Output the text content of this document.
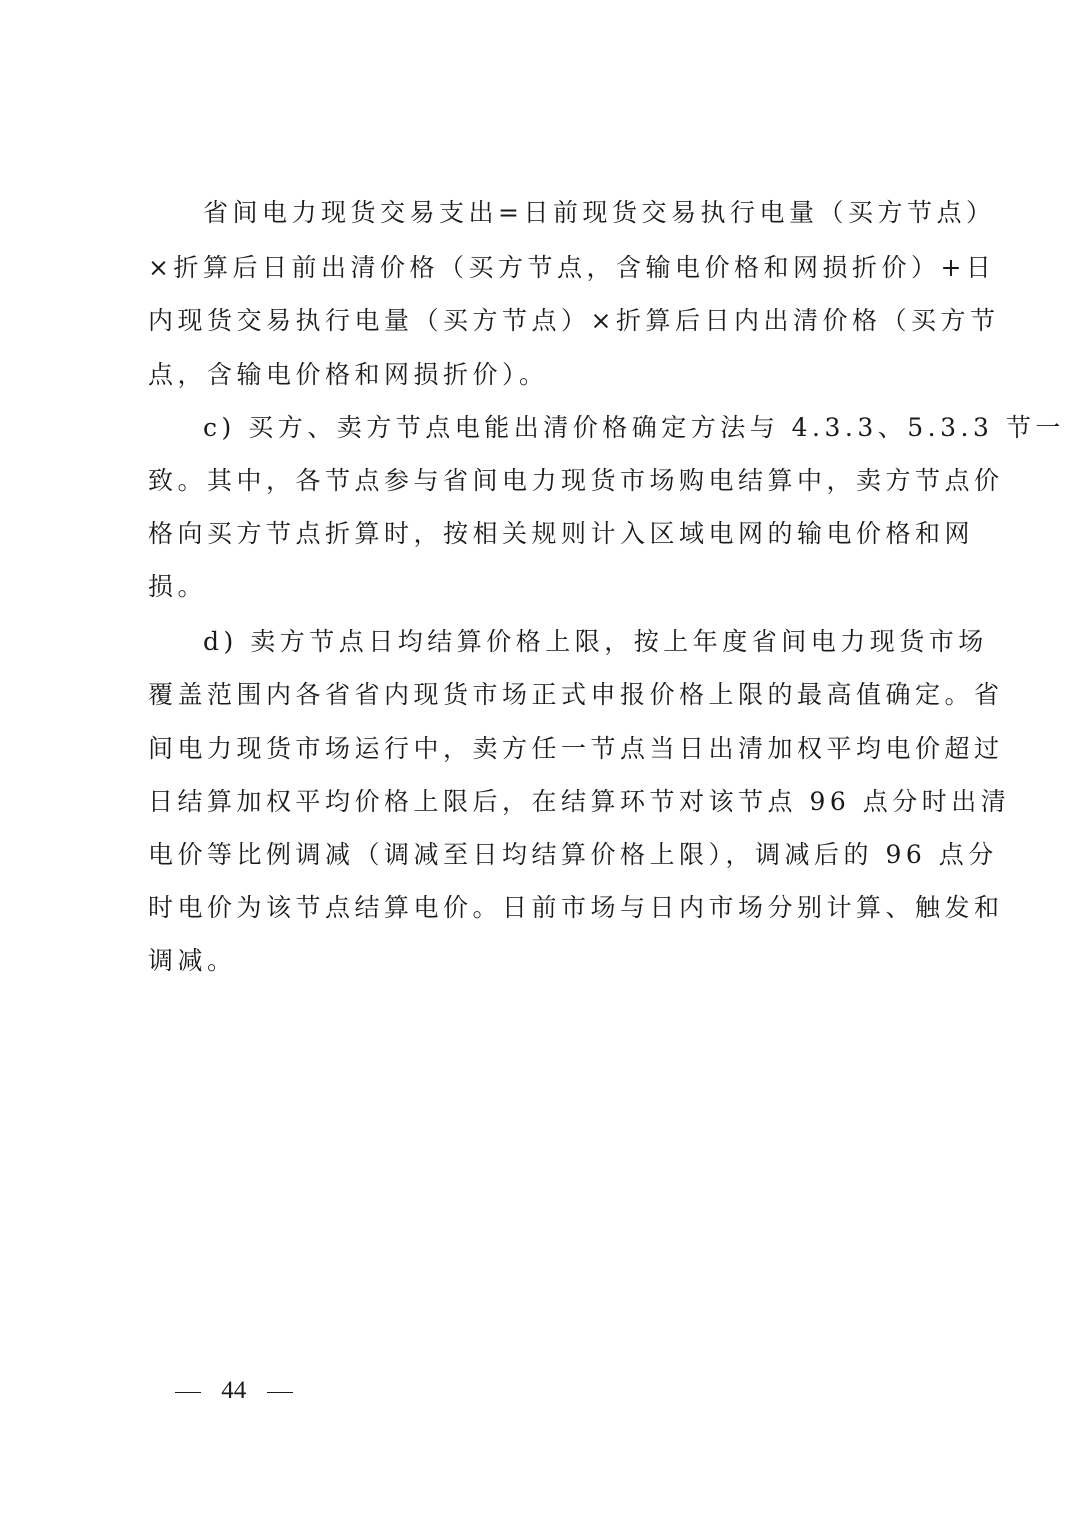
省间电力现货交易支出=日前现货交易执行电量（买方节点）
×折算后日前出清价格（买方节点，含输电价格和网损折价）+日
内现货交易执行电量（买方节点）×折算后日内出清价格（买方节
点，含输电价格和网损折价）。
c) 买方、卖方节点电能出清价格确定方法与 4.3.3、5.3.3 节一
致。其中，各节点参与省间电力现货市场购电结算中，卖方节点价
格向买方节点折算时，按相关规则计入区域电网的输电价格和网
损。
d) 卖方节点日均结算价格上限，按上年度省间电力现货市场
覆盖范围内各省省内现货市场正式申报价格上限的最高值确定。省
间电力现货市场运行中，卖方任一节点当日出清加权平均电价超过
日结算加权平均价格上限后，在结算环节对该节点 96 点分时出清
电价等比例调减（调减至日均结算价格上限），调减后的 96 点分
时电价为该节点结算电价。日前市场与日内市场分别计算、触发和
调减。
44
